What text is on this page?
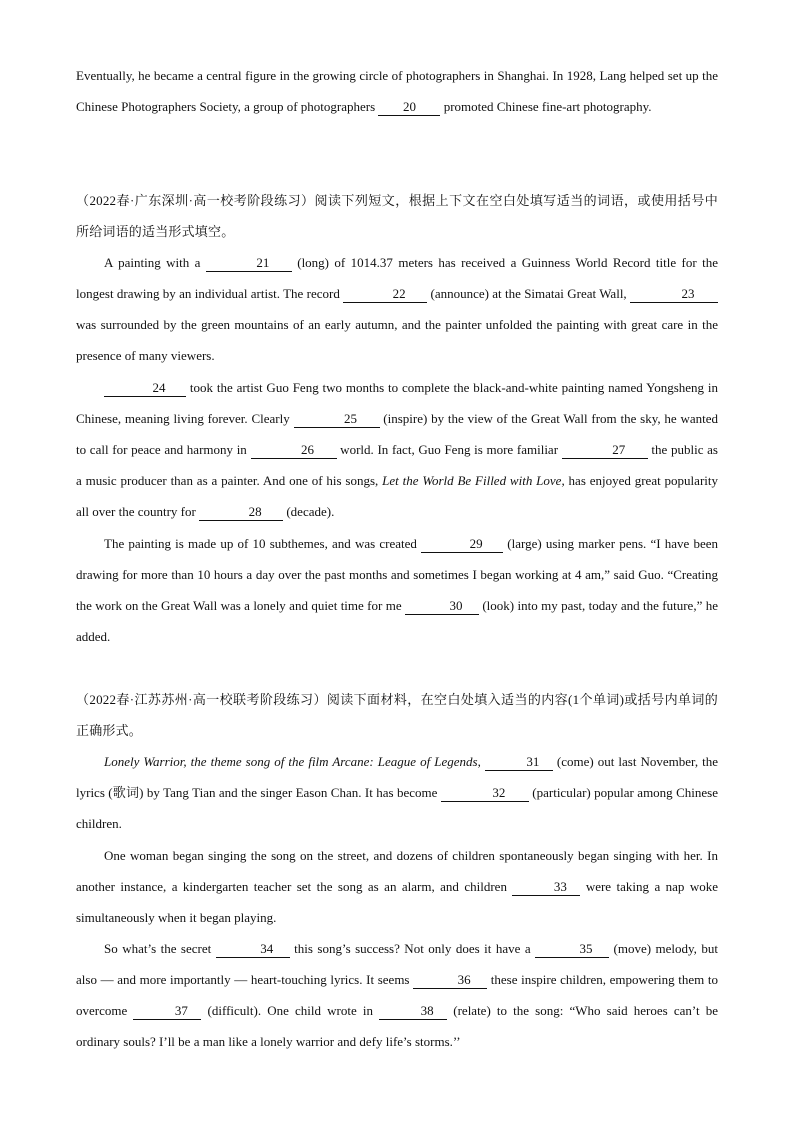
Eventually, he became a central figure in the growing circle of photographers in Shanghai. In 1928, Lang helped set up the Chinese Photographers Society, a group of photographers 20 promoted Chinese fine-art photography.

（2022春·广东深圳·高一校考阶段练习）阅读下列短文，根据上下文在空白处填写适当的词语，或使用括号中所给词语的适当形式填空。

A painting with a	21 (long) of 1014.37 meters has received a Guinness World Record title for the longest drawing by an individual artist. The record	22 (announce) at the Simatai Great Wall,	23 was surrounded by the green mountains of an early autumn, and the painter unfolded the painting with great care in the presence of many viewers.

24 took the artist Guo Feng two months to complete the black-and-white painting named Yongsheng in Chinese, meaning living forever. Clearly	25 (inspire) by the view of the Great Wall from the sky, he wanted to call for peace and harmony in	26 world. In fact, Guo Feng is more familiar	27 the public as a music producer than as a painter. And one of his songs, Let the World Be Filled with Love, has enjoyed great popularity all over the country for	28 (decade).

The painting is made up of 10 subthemes, and was created	29 (large) using marker pens. “I have been drawing for more than 10 hours a day over the past months and sometimes I began working at 4 am,” said Guo. “Creating the work on the Great Wall was a lonely and quiet time for me	30 (look) into my past, today and the future,” he added.

（2022春·江苏苏州·高一校联考阶段练习）阅读下面材料，在空白处填入适当的内容(1个单词)或括号内单词的正确形式。

Lonely Warrior, the theme song of the film Arcane: League of Legends,	31 (come) out last November, the lyrics (歌词) by Tang Tian and the singer Eason Chan. It has become	32 (particular) popular among Chinese children.

One woman began singing the song on the street, and dozens of children spontaneously began singing with her. In another instance, a kindergarten teacher set the song as an alarm, and children	33 were taking a nap woke simultaneously when it began playing.

So what’s the secret	34 this song’s success? Not only does it have a	35 (move) melody, but also — and more importantly — heart-touching lyrics. It seems	36 these inspire children, empowering them to overcome	37 (difficult). One child wrote in	38 (relate) to the song: “Who said heroes can’t be ordinary souls? I’ll be a man like a lonely warrior and defy life’s storms.’’
